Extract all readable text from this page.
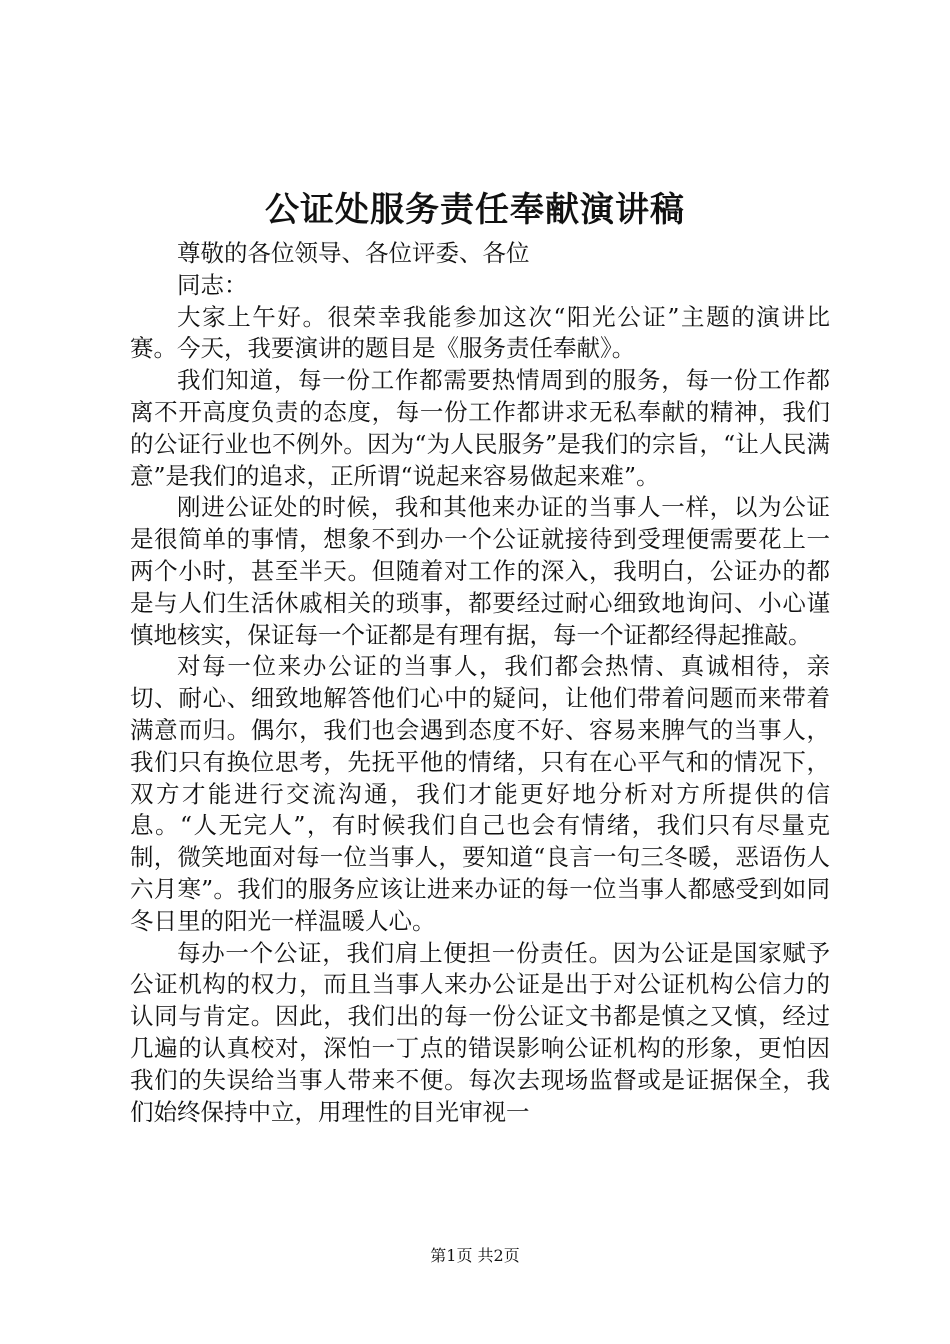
公证处服务责任奉献演讲稿

尊敬的各位领导、各位评委、各位

同志：

大家上午好。很荣幸我能参加这次“阳光公证”主题的演讲比赛。今天，我要演讲的题目是《服务责任奉献》。

我们知道，每一份工作都需要热情周到的服务，每一份工作都离不开高度负责的态度，每一份工作都讲求无私奉献的精神，我们的公证行业也不例外。因为“为人民服务”是我们的宗旨，“让人民满意”是我们的追求，正所谓“说起来容易做起来难”。

刚进公证处的时候，我和其他来办证的当事人一样，以为公证是很简单的事情，想象不到办一个公证就接待到受理便需要花上一两个小时，甚至半天。但随着对工作的深入，我明白，公证办的都是与人们生活休戚相关的琐事，都要经过耐心细致地询问、小心谨慎地核实，保证每一个证都是有理有据，每一个证都经得起推敲。

对每一位来办公证的当事人，我们都会热情、真诚相待，亲切、耐心、细致地解答他们心中的疑问，让他们带着问题而来带着满意而归。偶尔，我们也会遇到态度不好、容易来脾气的当事人，我们只有换位思考，先抚平他的情绪，只有在心平气和的情况下，双方才能进行交流沟通，我们才能更好地分析对方所提供的信息。“人无完人”，有时候我们自己也会有情绪，我们只有尽量克制，微笑地面对每一位当事人，要知道“良言一句三冬暖，恶语伤人六月寒”。我们的服务应该让进来办证的每一位当事人都感受到如同冬日里的阳光一样温暖人心。

每办一个公证，我们肩上便担一份责任。因为公证是国家赋予公证机构的权力，而且当事人来办公证是出于对公证机构公信力的认同与肯定。因此，我们出的每一份公证文书都是慎之又慎，经过几遍的认真校对，深怕一丁点的错误影响公证机构的形象，更怕因我们的失误给当事人带来不便。每次去现场监督或是证据保全，我们始终保持中立，用理性的目光审视一

第1页 共2页
